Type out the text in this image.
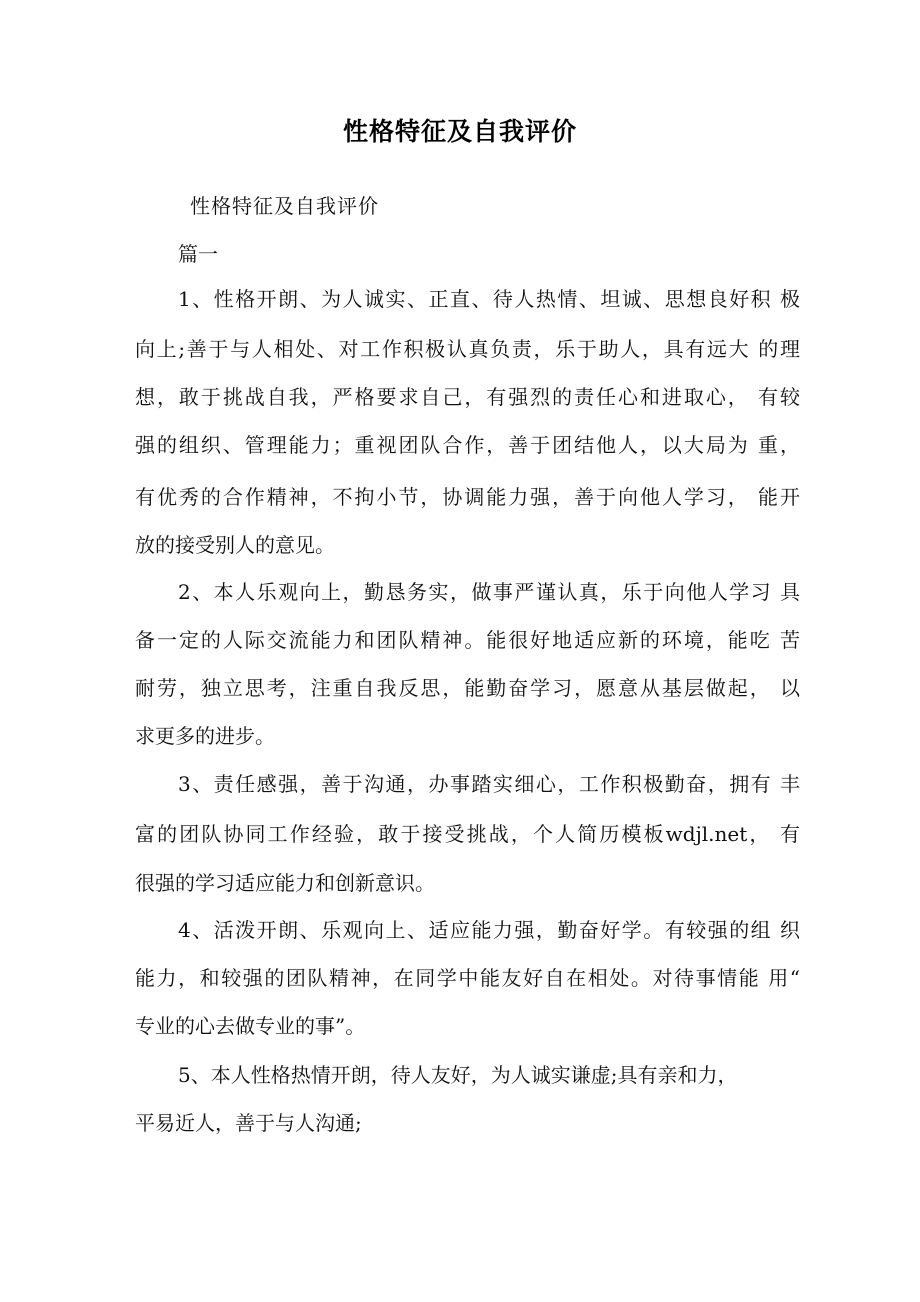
性格特征及自我评价
性格特征及自我评价
篇一
1、性格开朗、为人诚实、正直、待人热情、坦诚、思想良好积 极
向上;善于与人相处、对工作积极认真负责，乐于助人，具有远大 的理
想，敢于挑战自我，严格要求自己，有强烈的责任心和进取心， 有较
强的组织、管理能力；重视团队合作，善于团结他人，以大局为 重，
有优秀的合作精神，不拘小节，协调能力强，善于向他人学习， 能开
放的接受别人的意见。
2、本人乐观向上，勤恳务实，做事严谨认真，乐于向他人学习 具
备一定的人际交流能力和团队精神。能很好地适应新的环境，能吃 苦
耐劳，独立思考，注重自我反思，能勤奋学习，愿意从基层做起， 以
求更多的进步。
3、责任感强，善于沟通，办事踏实细心，工作积极勤奋，拥有 丰
富的团队协同工作经验，敢于接受挑战，个人简历模板wdjl.net， 有
很强的学习适应能力和创新意识。
4、活泼开朗、乐观向上、适应能力强，勤奋好学。有较强的组 织
能力，和较强的团队精神，在同学中能友好自在相处。对待事情能 用“
专业的心去做专业的事”。
5、本人性格热情开朗，待人友好，为人诚实谦虚;具有亲和力，
平易近人，善于与人沟通;
